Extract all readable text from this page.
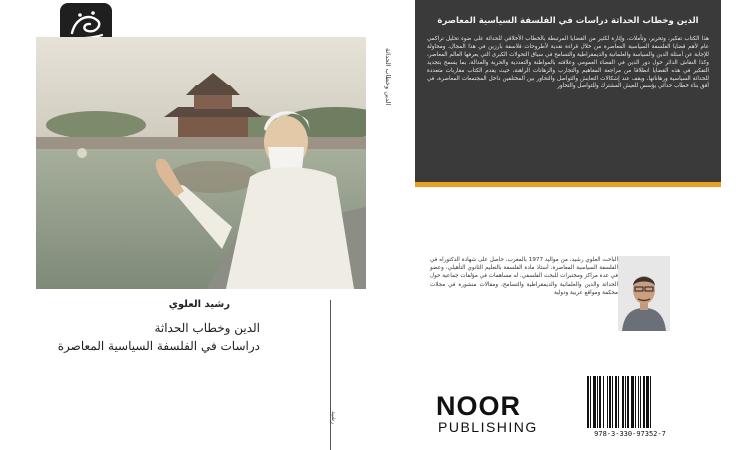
رشيد العلوي
الدين وخطاب الحداثة
دراسات في الفلسفة السياسية المعاصرة
رشيد
الدين وخطاب الحداثة
الدين وخطاب الحداثة دراسات في الفلسفة السياسية المعاصرة
هذا الكتاب تفكير، وتحرير، وتأملات، وإثارة لكثير من القضايا المرتبطة بالخطاب الأخلاقي للحداثة على ضوء تحليل تراكمي عام لأهم قضايا الفلسفة السياسية المعاصرة من خلال قراءة نقدية لأطروحات فلاسفة بارزين في هذا المجال، ومحاولة للإجابة عن أسئلة الدين والسياسة والعلمانية والديمقراطية والتسامح في سياق التحولات الكبرى التي يعرفها العالم المعاصر، وكذا النقاش الدائر حول دور الدين في الفضاء العمومي وعلاقته بالمواطنة والتعددية والحرية والعدالة، بما يسمح بتجديد التفكير في هذه القضايا انطلاقا من مراجعة المفاهيم والتجارب والرهانات الراهنة، حيث يقدم الكتاب مقاربات متعددة للحداثة السياسية ورهاناتها، ويقف عند إشكالات التعايش والتواصل والتحاور بين المختلفين داخل المجتمعات المعاصرة، في أفق بناء خطاب حداثي يؤسس للعيش المشترك وللتواصل والتحاور
الباحث العلوي رشيد، من مواليد 1977 بالمغرب، حاصل على شهادة الدكتوراه في الفلسفة السياسية المعاصرة، أستاذ مادة الفلسفة بالتعليم الثانوي التأهيلي، وعضو في عدة مراكز ومختبرات للبحث الفلسفي، له مساهمات في مؤلفات جماعية حول الحداثة والدين والعلمانية والديمقراطية والتسامح، ومقالات منشورة في مجلات محكمة ومواقع عربية ودولية
NOOR
PUBLISHING	978-3-330-97352-7
